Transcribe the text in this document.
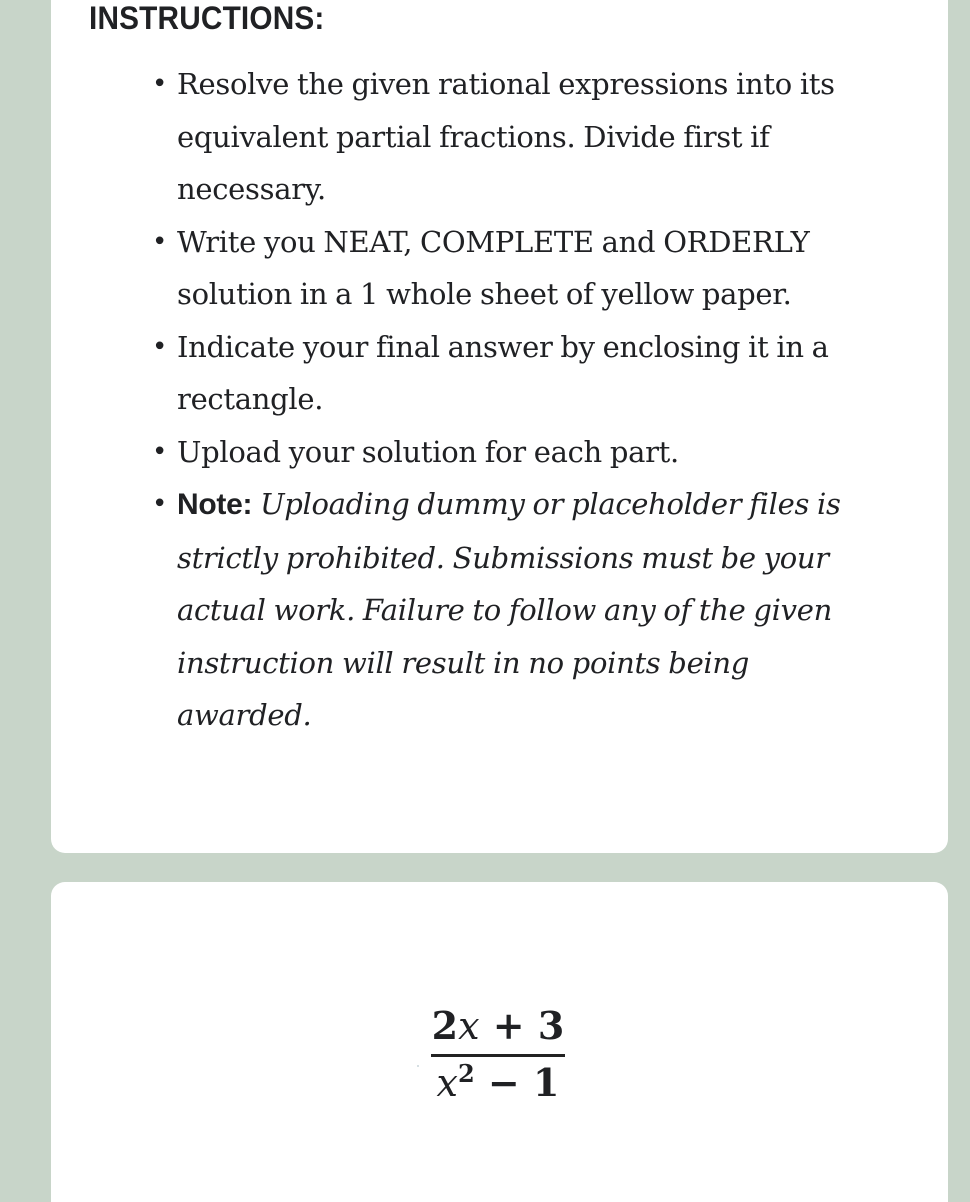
INSTRUCTIONS:
• Resolve the given rational expressions into its equivalent partial fractions. Divide first if necessary.
• Write you NEAT, COMPLETE and ORDERLY solution in a 1 whole sheet of yellow paper.
• Indicate your final answer by enclosing it in a rectangle.
• Upload your solution for each part.
• Note: Uploading dummy or placeholder files is strictly prohibited. Submissions must be your actual work. Failure to follow any of the given instruction will result in no points being awarded.
2x + 3
$x^2 - 1$
